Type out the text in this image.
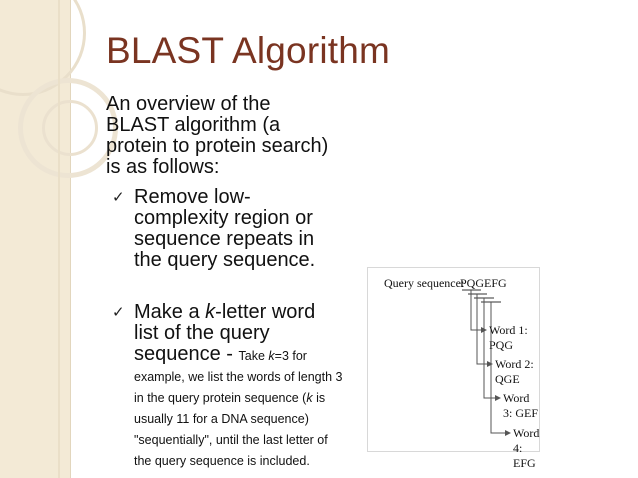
BLAST Algorithm
An overview of the BLAST algorithm (a protein to protein search) is as follows:
✓ Remove low-complexity region or sequence repeats in the query sequence.
✓ Make a k-letter word list of the query sequence - Take k=3 for example, we list the words of length 3 in the query protein sequence (k is usually 11 for a DNA sequence) "sequentially", until the last letter of the query sequence is included.
Query sequence:
PQGEFG
Word 1: PQG
Word 2: QGE
Word 3: GEF
Word 4: EFG
